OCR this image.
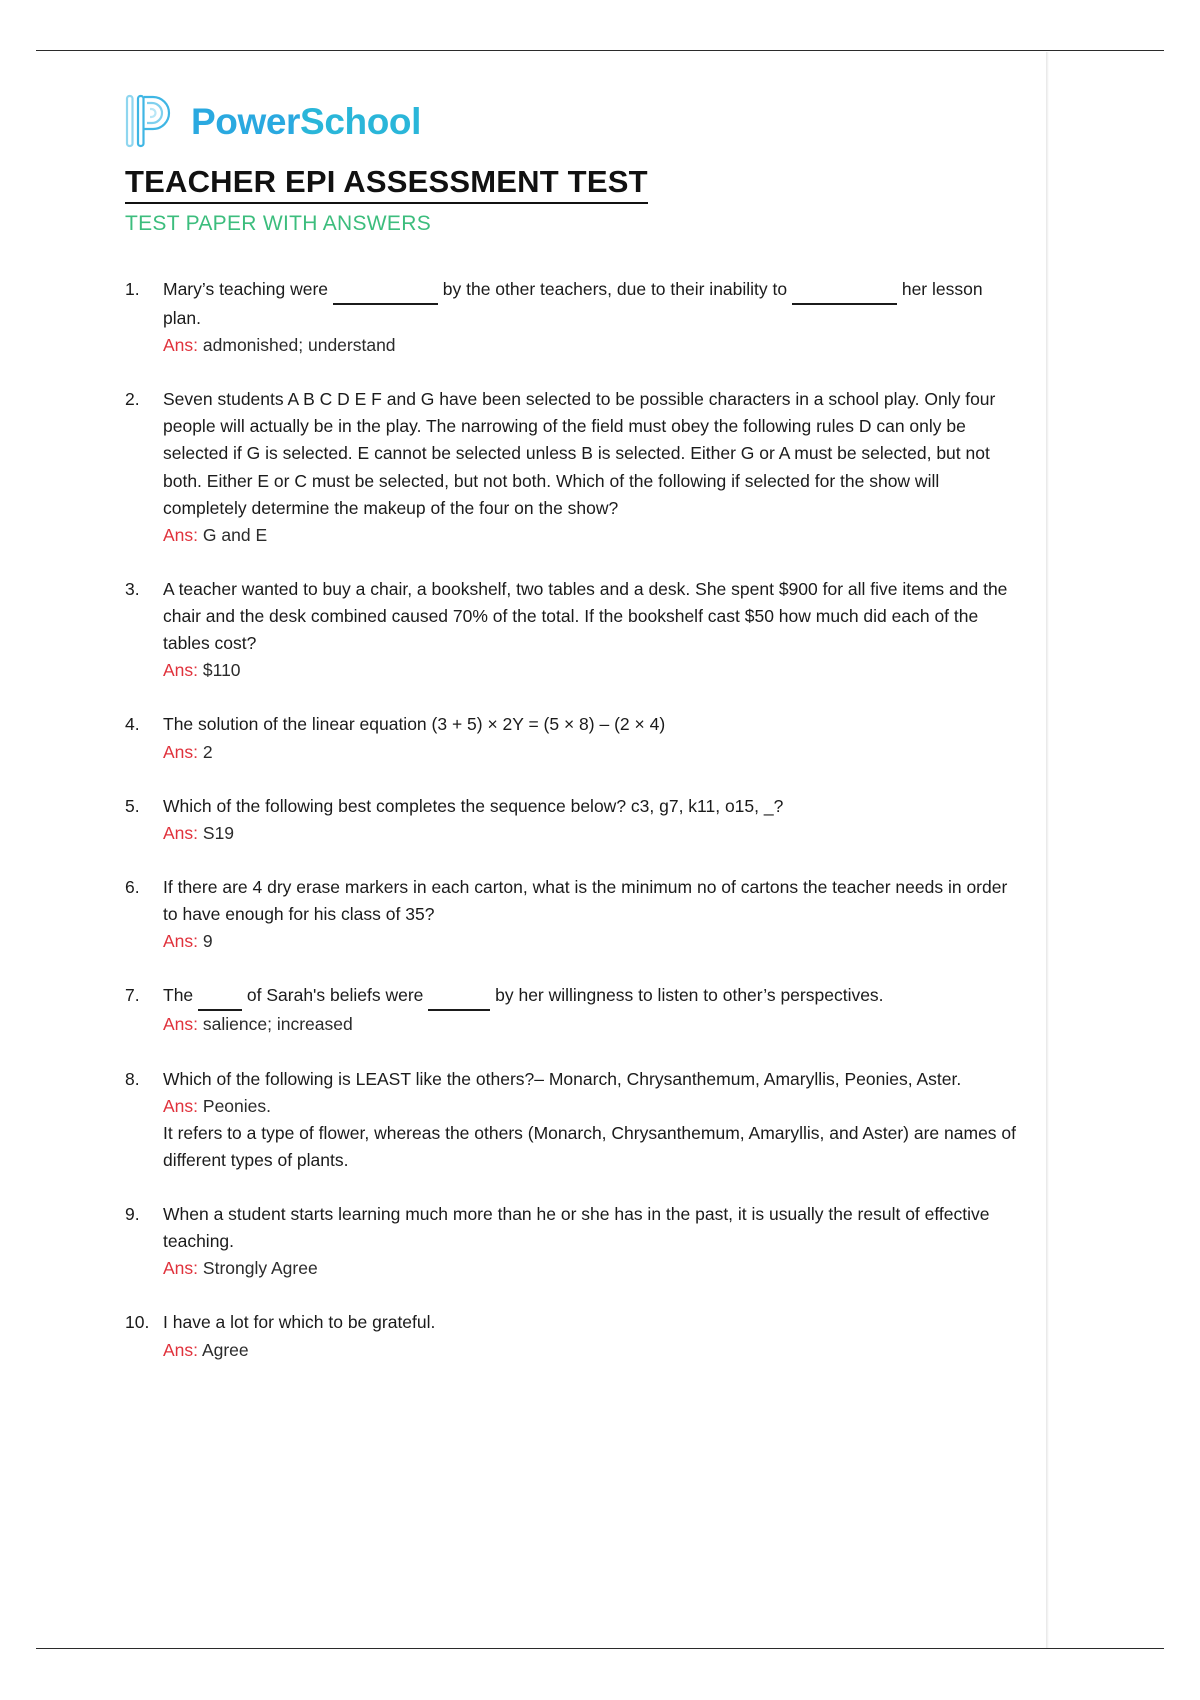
PowerSchool
TEACHER EPI ASSESSMENT TEST
TEST PAPER WITH ANSWERS
1.	Mary’s teaching were	by the other teachers, due to their inability to	her lesson plan.

Ans: admonished; understand

2.	Seven students A B C D E F and G have been selected to be possible characters in a school play. Only four people will actually be in the play. The narrowing of the field must obey the following rules D can only be selected if G is selected. E cannot be selected unless B is selected. Either G or A must be selected, but not both. Either E or C must be selected, but not both. Which of the following if selected for the show will completely determine the makeup of the four on the show?

Ans: G and E

3.	A teacher wanted to buy a chair, a bookshelf, two tables and a desk. She spent $900 for all five items and the chair and the desk combined caused 70% of the total. If the bookshelf cast $50 how much did each of the tables cost?

Ans: $110

4.	The solution of the linear equation (3 + 5) × 2Y = (5 × 8) – (2 × 4)

Ans: 2

5.	Which of the following best completes the sequence below? c3, g7, k11, o15, _?

Ans: S19

6.	If there are 4 dry erase markers in each carton, what is the minimum no of cartons the teacher needs in order to have enough for his class of 35?

Ans: 9

7.	The	of Sarah's beliefs were	by her willingness to listen to other’s perspectives.

Ans: salience; increased

8.	Which of the following is LEAST like the others?– Monarch, Chrysanthemum, Amaryllis, Peonies, Aster.

Ans: Peonies.

It refers to a type of flower, whereas the others (Monarch, Chrysanthemum, Amaryllis, and Aster) are names of different types of plants.

9.	When a student starts learning much more than he or she has in the past, it is usually the result of effective teaching.

Ans: Strongly Agree

10. I have a lot for which to be grateful.

Ans: Agree
